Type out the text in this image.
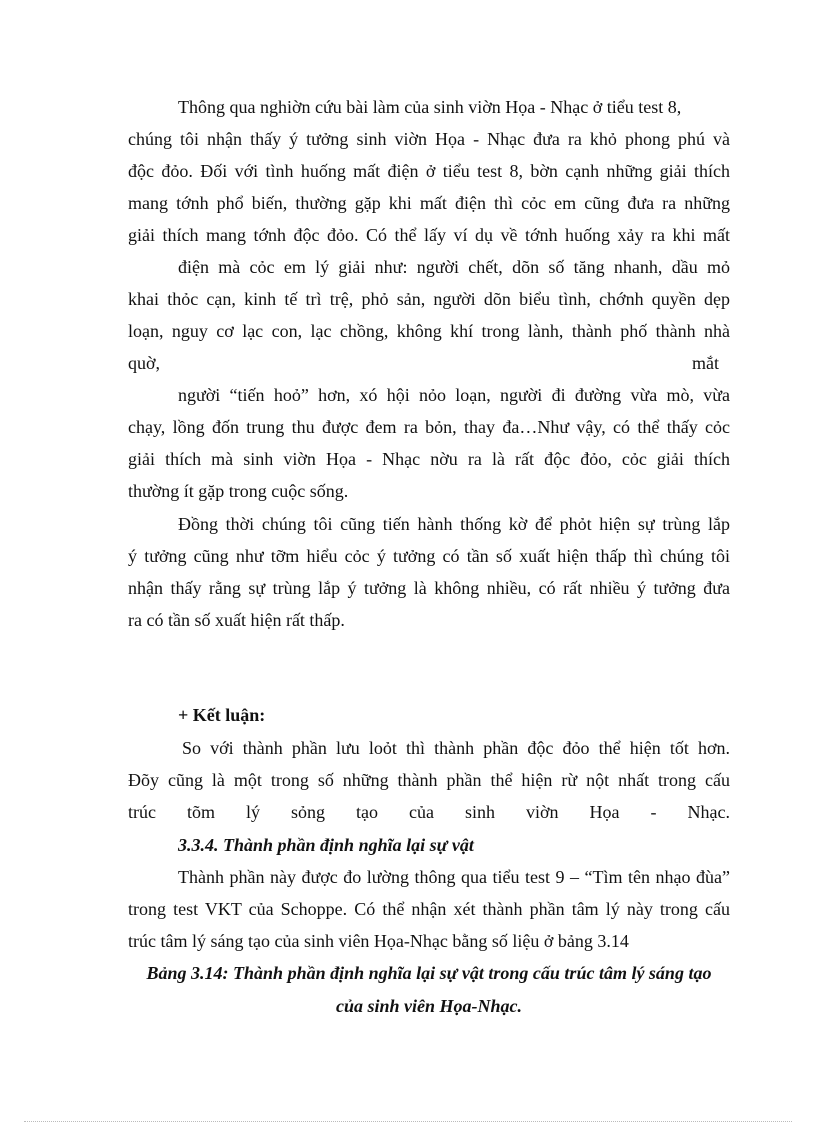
Thông qua nghiờn cứu bài làm của sinh viờn Họa - Nhạc ở tiểu test 8,
chúng tôi nhận thấy ý tưởng sinh viờn Họa - Nhạc đưa ra khỏ phong phú và
độc đỏo. Đối với tình huống mất điện ở tiểu test 8, bờn cạnh những giải thích
mang tớnh phổ biến, thường gặp khi mất điện thì cỏc em cũng đưa ra những
giải thích mang tớnh độc đỏo. Có thể lấy ví dụ về tớnh huống xảy ra khi mất
điện mà cỏc em lý giải như: người chết, dõn số tăng nhanh, dầu mỏ
khai thỏc cạn, kinh tế trì trệ, phỏ sản, người dõn biểu tình, chớnh quyền dẹp
loạn, nguy cơ lạc con, lạc chồng, không khí trong lành, thành phố thành nhà
quờ,	mắt
người “tiến hoỏ” hơn, xó hội nỏo loạn, người đi đường vừa mò, vừa
chạy, lồng đốn trung thu được đem ra bỏn, thay đa…Như vậy, có thể thấy cỏc
giải thích mà sinh viờn Họa - Nhạc nờu ra là rất độc đỏo, cỏc giải thích
thường ít gặp trong cuộc sống.
Đồng thời chúng tôi cũng tiến hành thống kờ để phỏt hiện sự trùng lắp
ý tưởng cũng như tỡm hiểu cỏc ý tưởng có tần số xuất hiện thấp thì chúng tôi
nhận thấy rằng sự trùng lắp ý tưởng là không nhiều, có rất nhiều ý tưởng đưa
ra có tần số xuất hiện rất thấp.
+ Kết luận:
So với thành phần lưu loỏt thì thành phần độc đỏo thể hiện tốt hơn.
Đõy cũng là một trong số những thành phần thể hiện rừ nột nhất trong cấu
trúc tõm lý sỏng tạo của sinh viờn Họa - Nhạc.
3.3.4. Thành phần định nghĩa lại sự vật
Thành phần này được đo lường thông qua tiểu test 9 – “Tìm tên nhạo đùa”
trong test VKT của Schoppe. Có thể nhận xét thành phần tâm lý này trong cấu
trúc tâm lý sáng tạo của sinh viên Họa-Nhạc bằng số liệu ở bảng 3.14
Bảng 3.14: Thành phần định nghĩa lại sự vật trong cấu trúc tâm lý sáng tạo
của sinh viên Họa-Nhạc.
